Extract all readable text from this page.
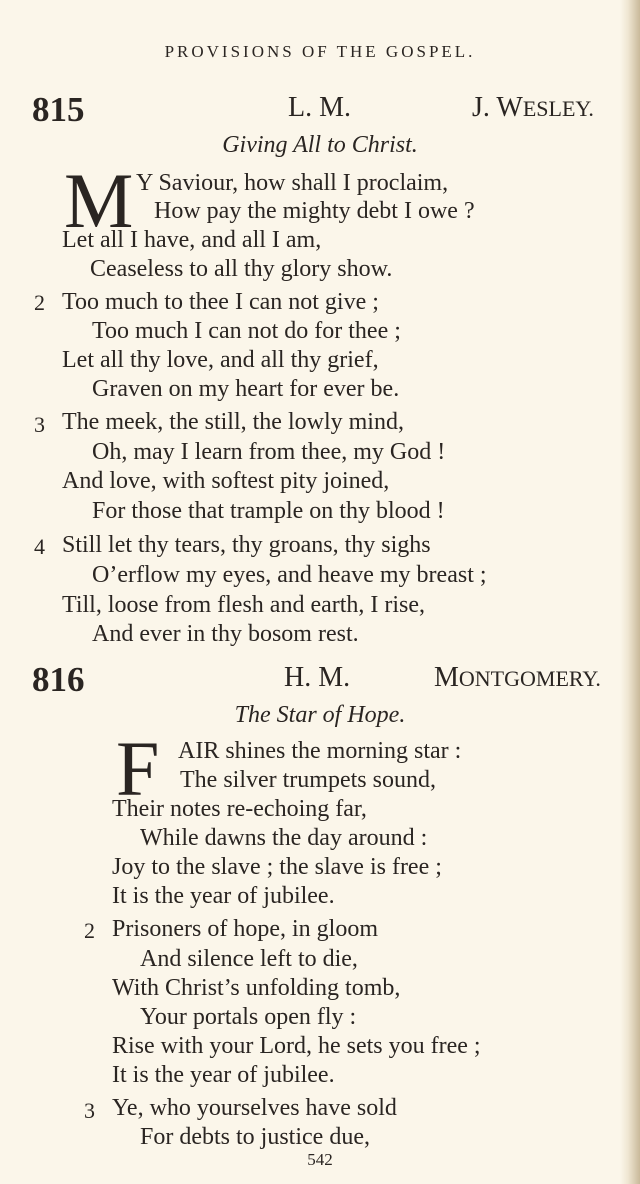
PROVISIONS OF THE GOSPEL.
815	L. M.	J. WESLEY.
Giving All to Christ.
M Y Saviour, how shall I proclaim,
How pay the mighty debt I owe ?
Let all I have, and all I am,
Ceaseless to all thy glory show.
2 Too much to thee I can not give ;
Too much I can not do for thee ;
Let all thy love, and all thy grief,
Graven on my heart for ever be.
3 The meek, the still, the lowly mind,
Oh, may I learn from thee, my God !
And love, with softest pity joined,
For those that trample on thy blood !
4 Still let thy tears, thy groans, thy sighs
O’erflow my eyes, and heave my breast ;
Till, loose from flesh and earth, I rise,
And ever in thy bosom rest.
816	H. M.	MONTGOMERY.
The Star of Hope.
F AIR shines the morning star :
The silver trumpets sound,
Their notes re-echoing far,
While dawns the day around :
Joy to the slave ; the slave is free ;
It is the year of jubilee.
2 Prisoners of hope, in gloom
And silence left to die,
With Christ’s unfolding tomb,
Your portals open fly :
Rise with your Lord, he sets you free ;
It is the year of jubilee.
3 Ye, who yourselves have sold
For debts to justice due,
542
